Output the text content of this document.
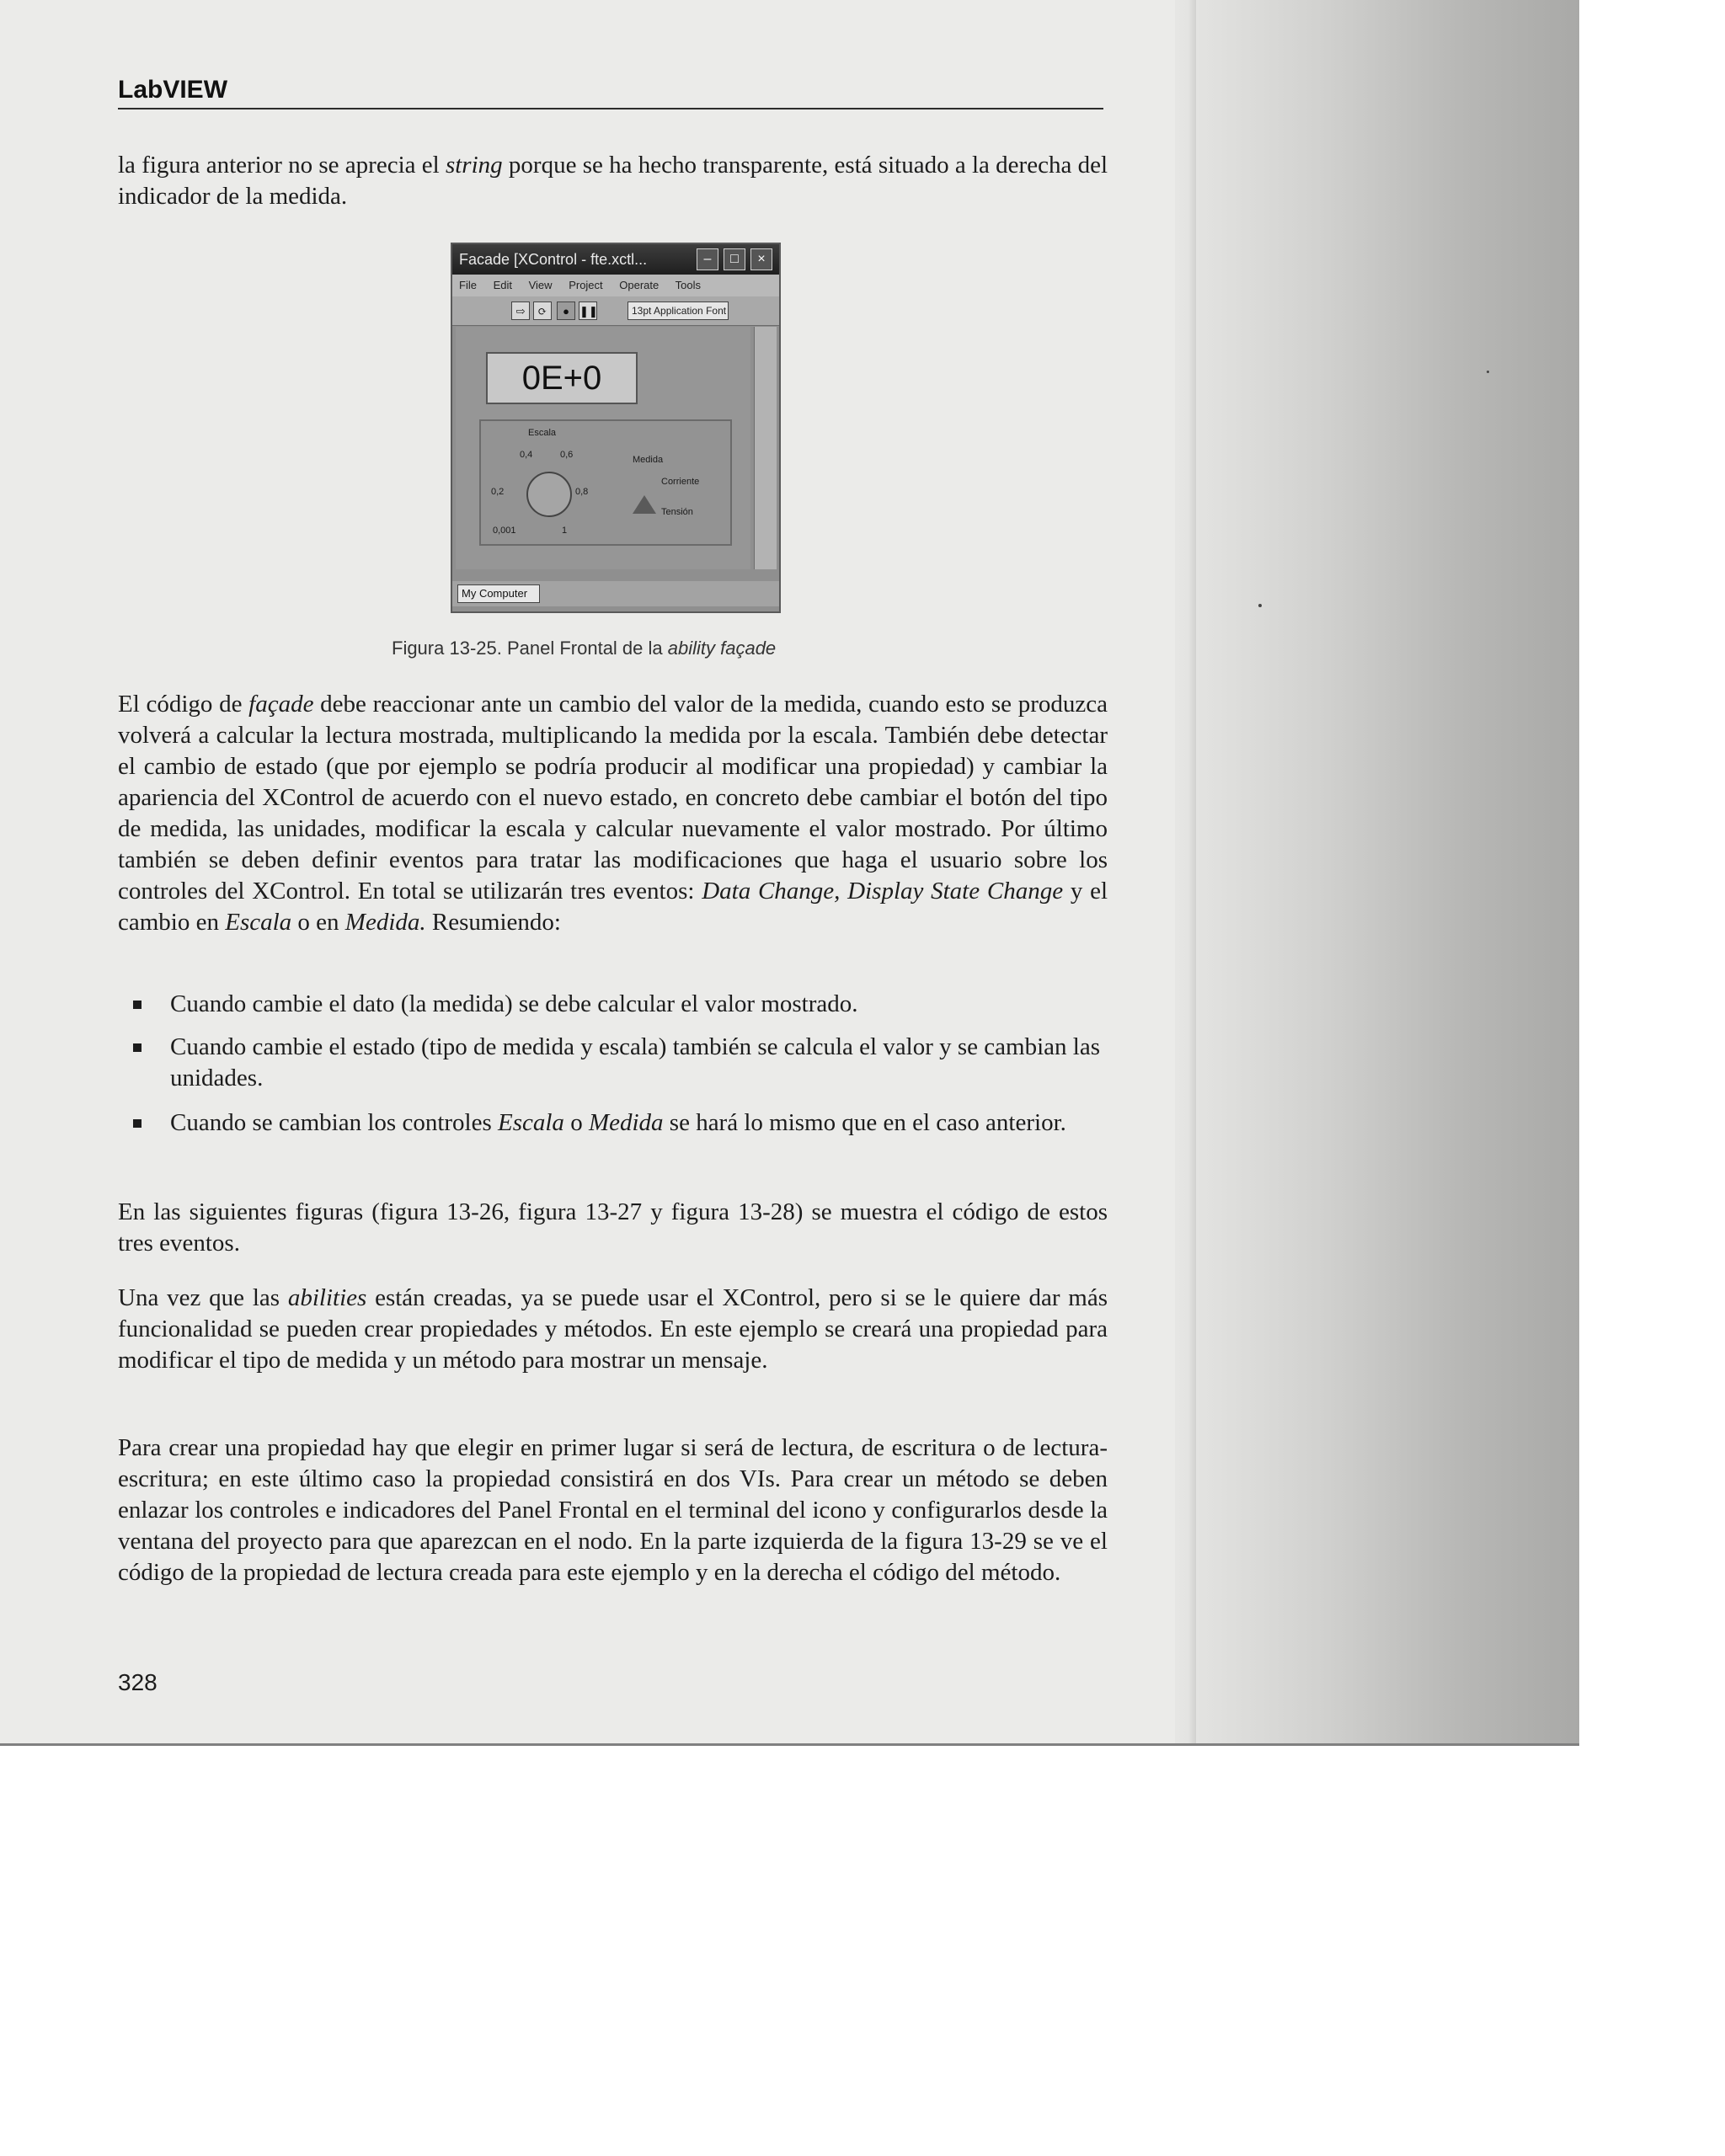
LabVIEW
la figura anterior no se aprecia el string porque se ha hecho transparente, está situado a la derecha del indicador de la medida.
Facade [XControl - fte.xctl...	–	□	×
File Edit View Project Operate Tools
⇨	⟳	● ❚❚	13pt Application Font
0E+0
Escala
0,4	0,6
0,2	0,8
0,001	1
Medida
Corriente
Tensión
My Computer
Figura 13-25. Panel Frontal de la ability façade
El código de façade debe reaccionar ante un cambio del valor de la medida, cuando esto se produzca volverá a calcular la lectura mostrada, multiplicando la medida por la escala. También debe detectar el cambio de estado (que por ejemplo se podría producir al modificar una propiedad) y cambiar la apariencia del XControl de acuerdo con el nuevo estado, en concreto debe cambiar el botón del tipo de medida, las unidades, modificar la escala y calcular nuevamente el valor mostrado. Por último también se deben definir eventos para tratar las modificaciones que haga el usuario sobre los controles del XControl. En total se utilizarán tres eventos: Data Change, Display State Change y el cambio en Escala o en Medida. Resumiendo:
Cuando cambie el dato (la medida) se debe calcular el valor mostrado.
Cuando cambie el estado (tipo de medida y escala) también se calcula el valor y se cambian las unidades.
Cuando se cambian los controles Escala o Medida se hará lo mismo que en el caso anterior.
En las siguientes figuras (figura 13-26, figura 13-27 y figura 13-28) se muestra el código de estos tres eventos.
Una vez que las abilities están creadas, ya se puede usar el XControl, pero si se le quiere dar más funcionalidad se pueden crear propiedades y métodos. En este ejemplo se creará una propiedad para modificar el tipo de medida y un método para mostrar un mensaje.
Para crear una propiedad hay que elegir en primer lugar si será de lectura, de escritura o de lectura-escritura; en este último caso la propiedad consistirá en dos VIs. Para crear un método se deben enlazar los controles e indicadores del Panel Frontal en el terminal del icono y configurarlos desde la ventana del proyecto para que aparezcan en el nodo. En la parte izquierda de la figura 13-29 se ve el código de la propiedad de lectura creada para este ejemplo y en la derecha el código del método.
328
